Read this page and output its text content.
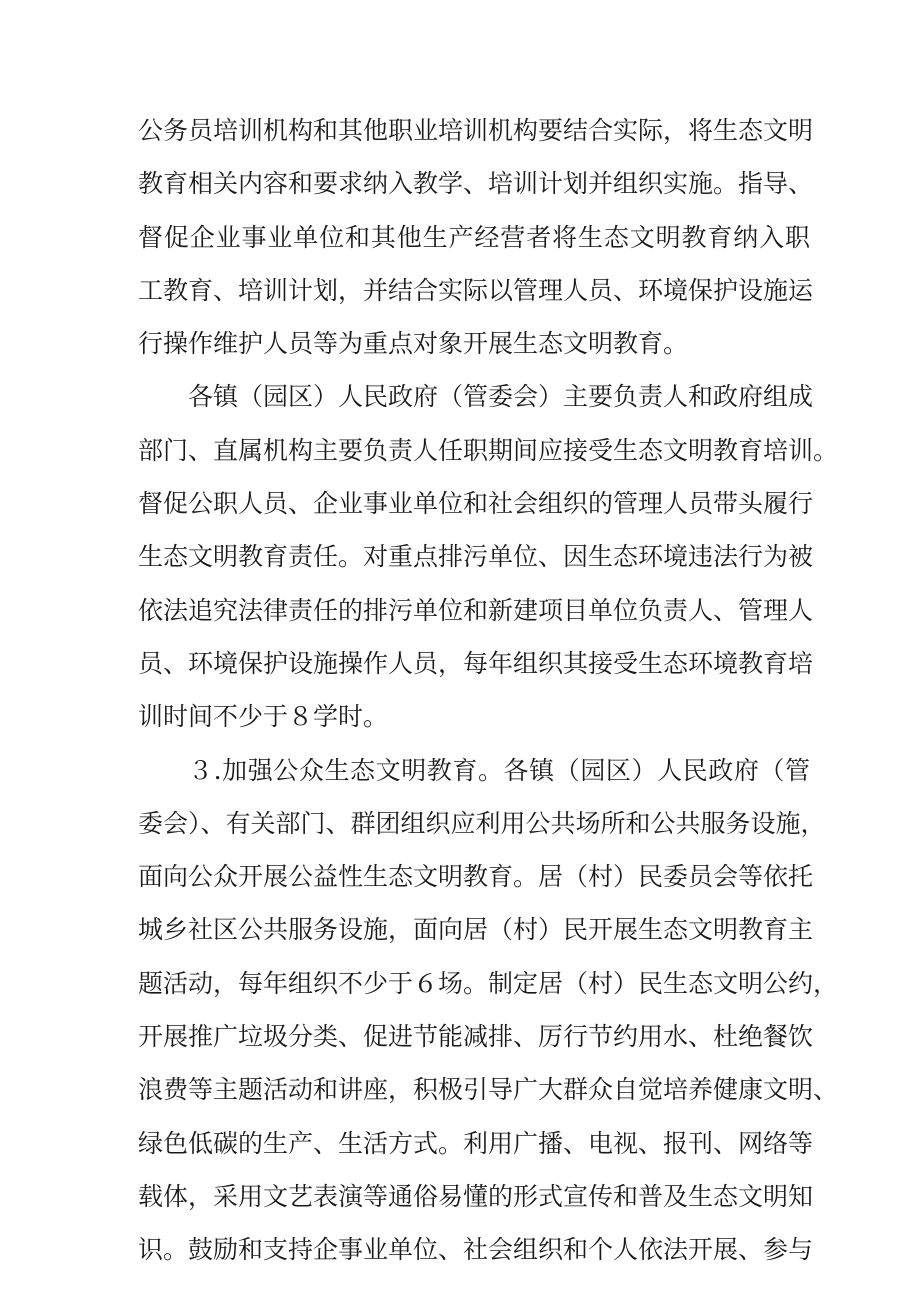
公务员培训机构和其他职业培训机构要结合实际，将生态文明
教育相关内容和要求纳入教学、培训计划并组织实施。指导、
督促企业事业单位和其他生产经营者将生态文明教育纳入职
工教育、培训计划，并结合实际以管理人员、环境保护设施运
行操作维护人员等为重点对象开展生态文明教育。
各镇（园区）人民政府（管委会）主要负责人和政府组成
部门、直属机构主要负责人任职期间应接受生态文明教育培训。
督促公职人员、企业事业单位和社会组织的管理人员带头履行
生态文明教育责任。对重点排污单位、因生态环境违法行为被
依法追究法律责任的排污单位和新建项目单位负责人、管理人
员、环境保护设施操作人员，每年组织其接受生态环境教育培
训时间不少于８学时。
３.加强公众生态文明教育。各镇（园区）人民政府（管
委会）、有关部门、群团组织应利用公共场所和公共服务设施，
面向公众开展公益性生态文明教育。居（村）民委员会等依托
城乡社区公共服务设施，面向居（村）民开展生态文明教育主
题活动，每年组织不少于６场。制定居（村）民生态文明公约，
开展推广垃圾分类、促进节能减排、厉行节约用水、杜绝餐饮
浪费等主题活动和讲座，积极引导广大群众自觉培养健康文明、
绿色低碳的生产、生活方式。利用广播、电视、报刊、网络等
载体，采用文艺表演等通俗易懂的形式宣传和普及生态文明知
识。鼓励和支持企事业单位、社会组织和个人依法开展、参与
